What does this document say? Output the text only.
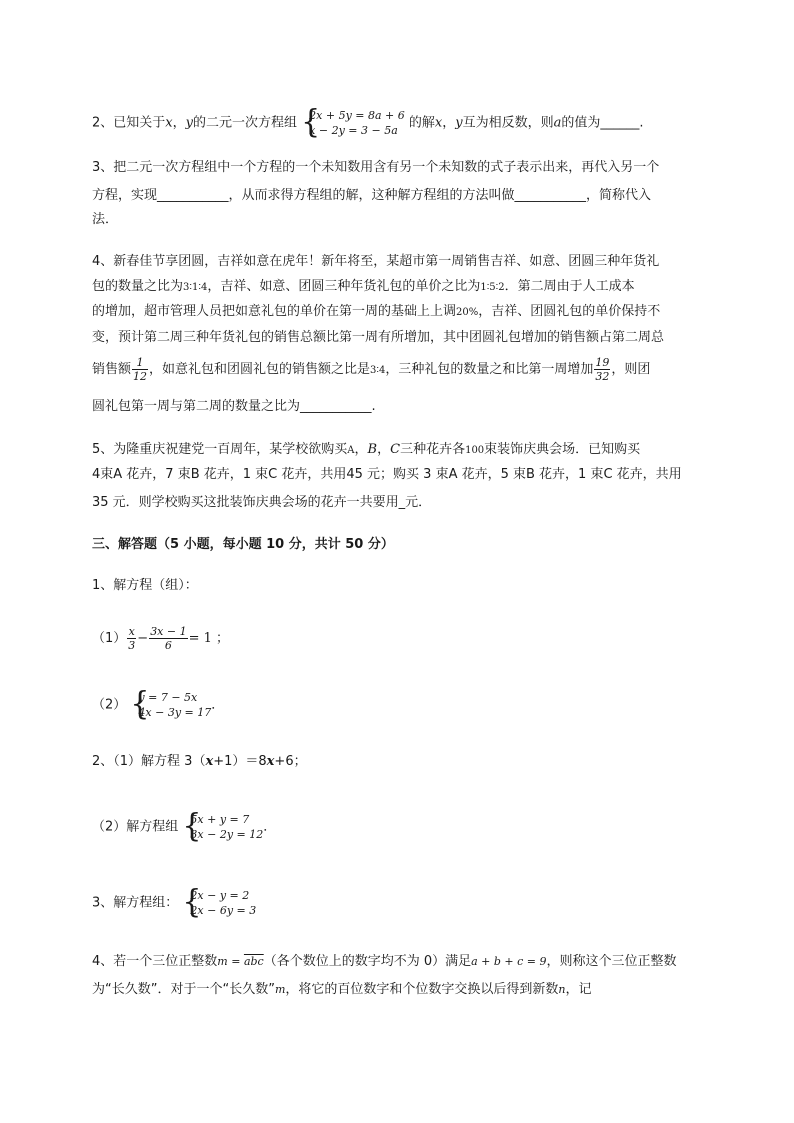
2、已知关于x，y的二元一次方程组 {
2x + 5y = 8a + 6
x − 2y = 3 − 5a 的解x，y互为相反数，则a的值为______.
3、把二元一次方程组中一个方程的一个未知数用含有另一个未知数的式子表示出来，再代入另一个
方程，实现___________，从而求得方程组的解，这种解方程组的方法叫做___________，简称代入
法．
4、新春佳节享团圆，吉祥如意在虎年！新年将至，某超市第一周销售吉祥、如意、团圆三种年货礼
包的数量之比为3∶1∶4，吉祥、如意、团圆三种年货礼包的单价之比为1∶5∶2．第二周由于人工成本
的增加，超市管理人员把如意礼包的单价在第一周的基础上上调20%，吉祥、团圆礼包的单价保持不
变，预计第二周三种年货礼包的销售总额比第一周有所增加，其中团圆礼包增加的销售额占第二周总
销售额 $\frac{1}{12}$ ，如意礼包和团圆礼包的销售额之比是3∶4，三种礼包的数量之和比第一周增加 $\frac{19}{32}$ ，则团
圆礼包第一周与第二周的数量之比为___________.
5、为隆重庆祝建党一百周年，某学校欲购买A，B，C三种花卉各100束装饰庆典会场．已知购买
4束A 花卉，7 束B 花卉，1 束C 花卉，共用45 元；购买 3 束A 花卉，5 束B 花卉，1 束C 花卉，共用
35 元．则学校购买这批装饰庆典会场的花卉一共要用_元．
三、解答题（5 小题，每小题 10 分，共计 50 分）
1、解方程（组）：
$(1) \frac{x}{3} - \frac{3x - 1}{6} = 1$ ；
（2） {
y = 7 − 5x
4x − 3y = 17 ．
2、（1）解方程 3（x+1）＝8x+6；
（2）解方程组 {
5x + y = 7
3x − 2y = 12 ．
3、解方程组： {
2x − y = 2
2x − 6y = 3
4、若一个三位正整数$m = \overline{abc}$（各个数位上的数字均不为 0）满足a + b + c = 9，则称这个三位正整数
为“长久数”．对于一个“长久数”m，将它的百位数字和个位数字交换以后得到新数n，记
